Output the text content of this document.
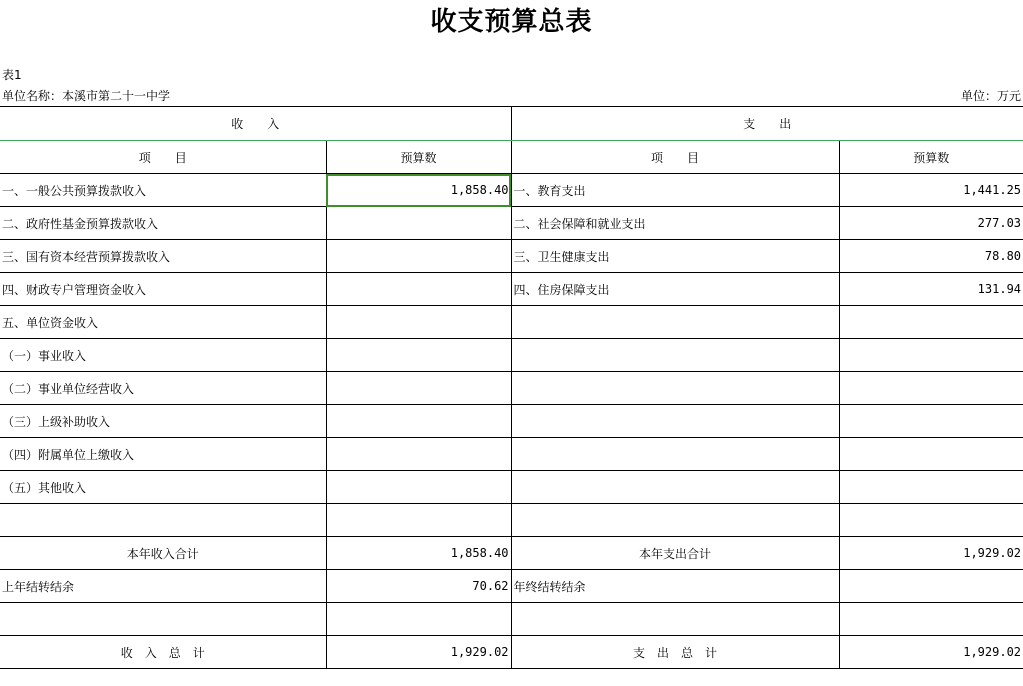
收支预算总表
表1
单位名称：本溪市第二十一中学	单位：万元
收　　入		支　　出	
项　　目	预算数	项　　目	预算数
一、一般公共预算拨款收入	1,858.40	一、教育支出	1,441.25
二、政府性基金预算拨款收入		二、社会保障和就业支出	277.03
三、国有资本经营预算拨款收入		三、卫生健康支出	78.80
四、财政专户管理资金收入		四、住房保障支出	131.94
五、单位资金收入			
（一）事业收入			
（二）事业单位经营收入			
（三）上级补助收入			
（四）附属单位上缴收入			
（五）其他收入			

本年收入合计	1,858.40	本年支出合计	1,929.02
上年结转结余	70.62	年终结转结余	

收　入　总　计	1,929.02	支　出　总　计	1,929.02
